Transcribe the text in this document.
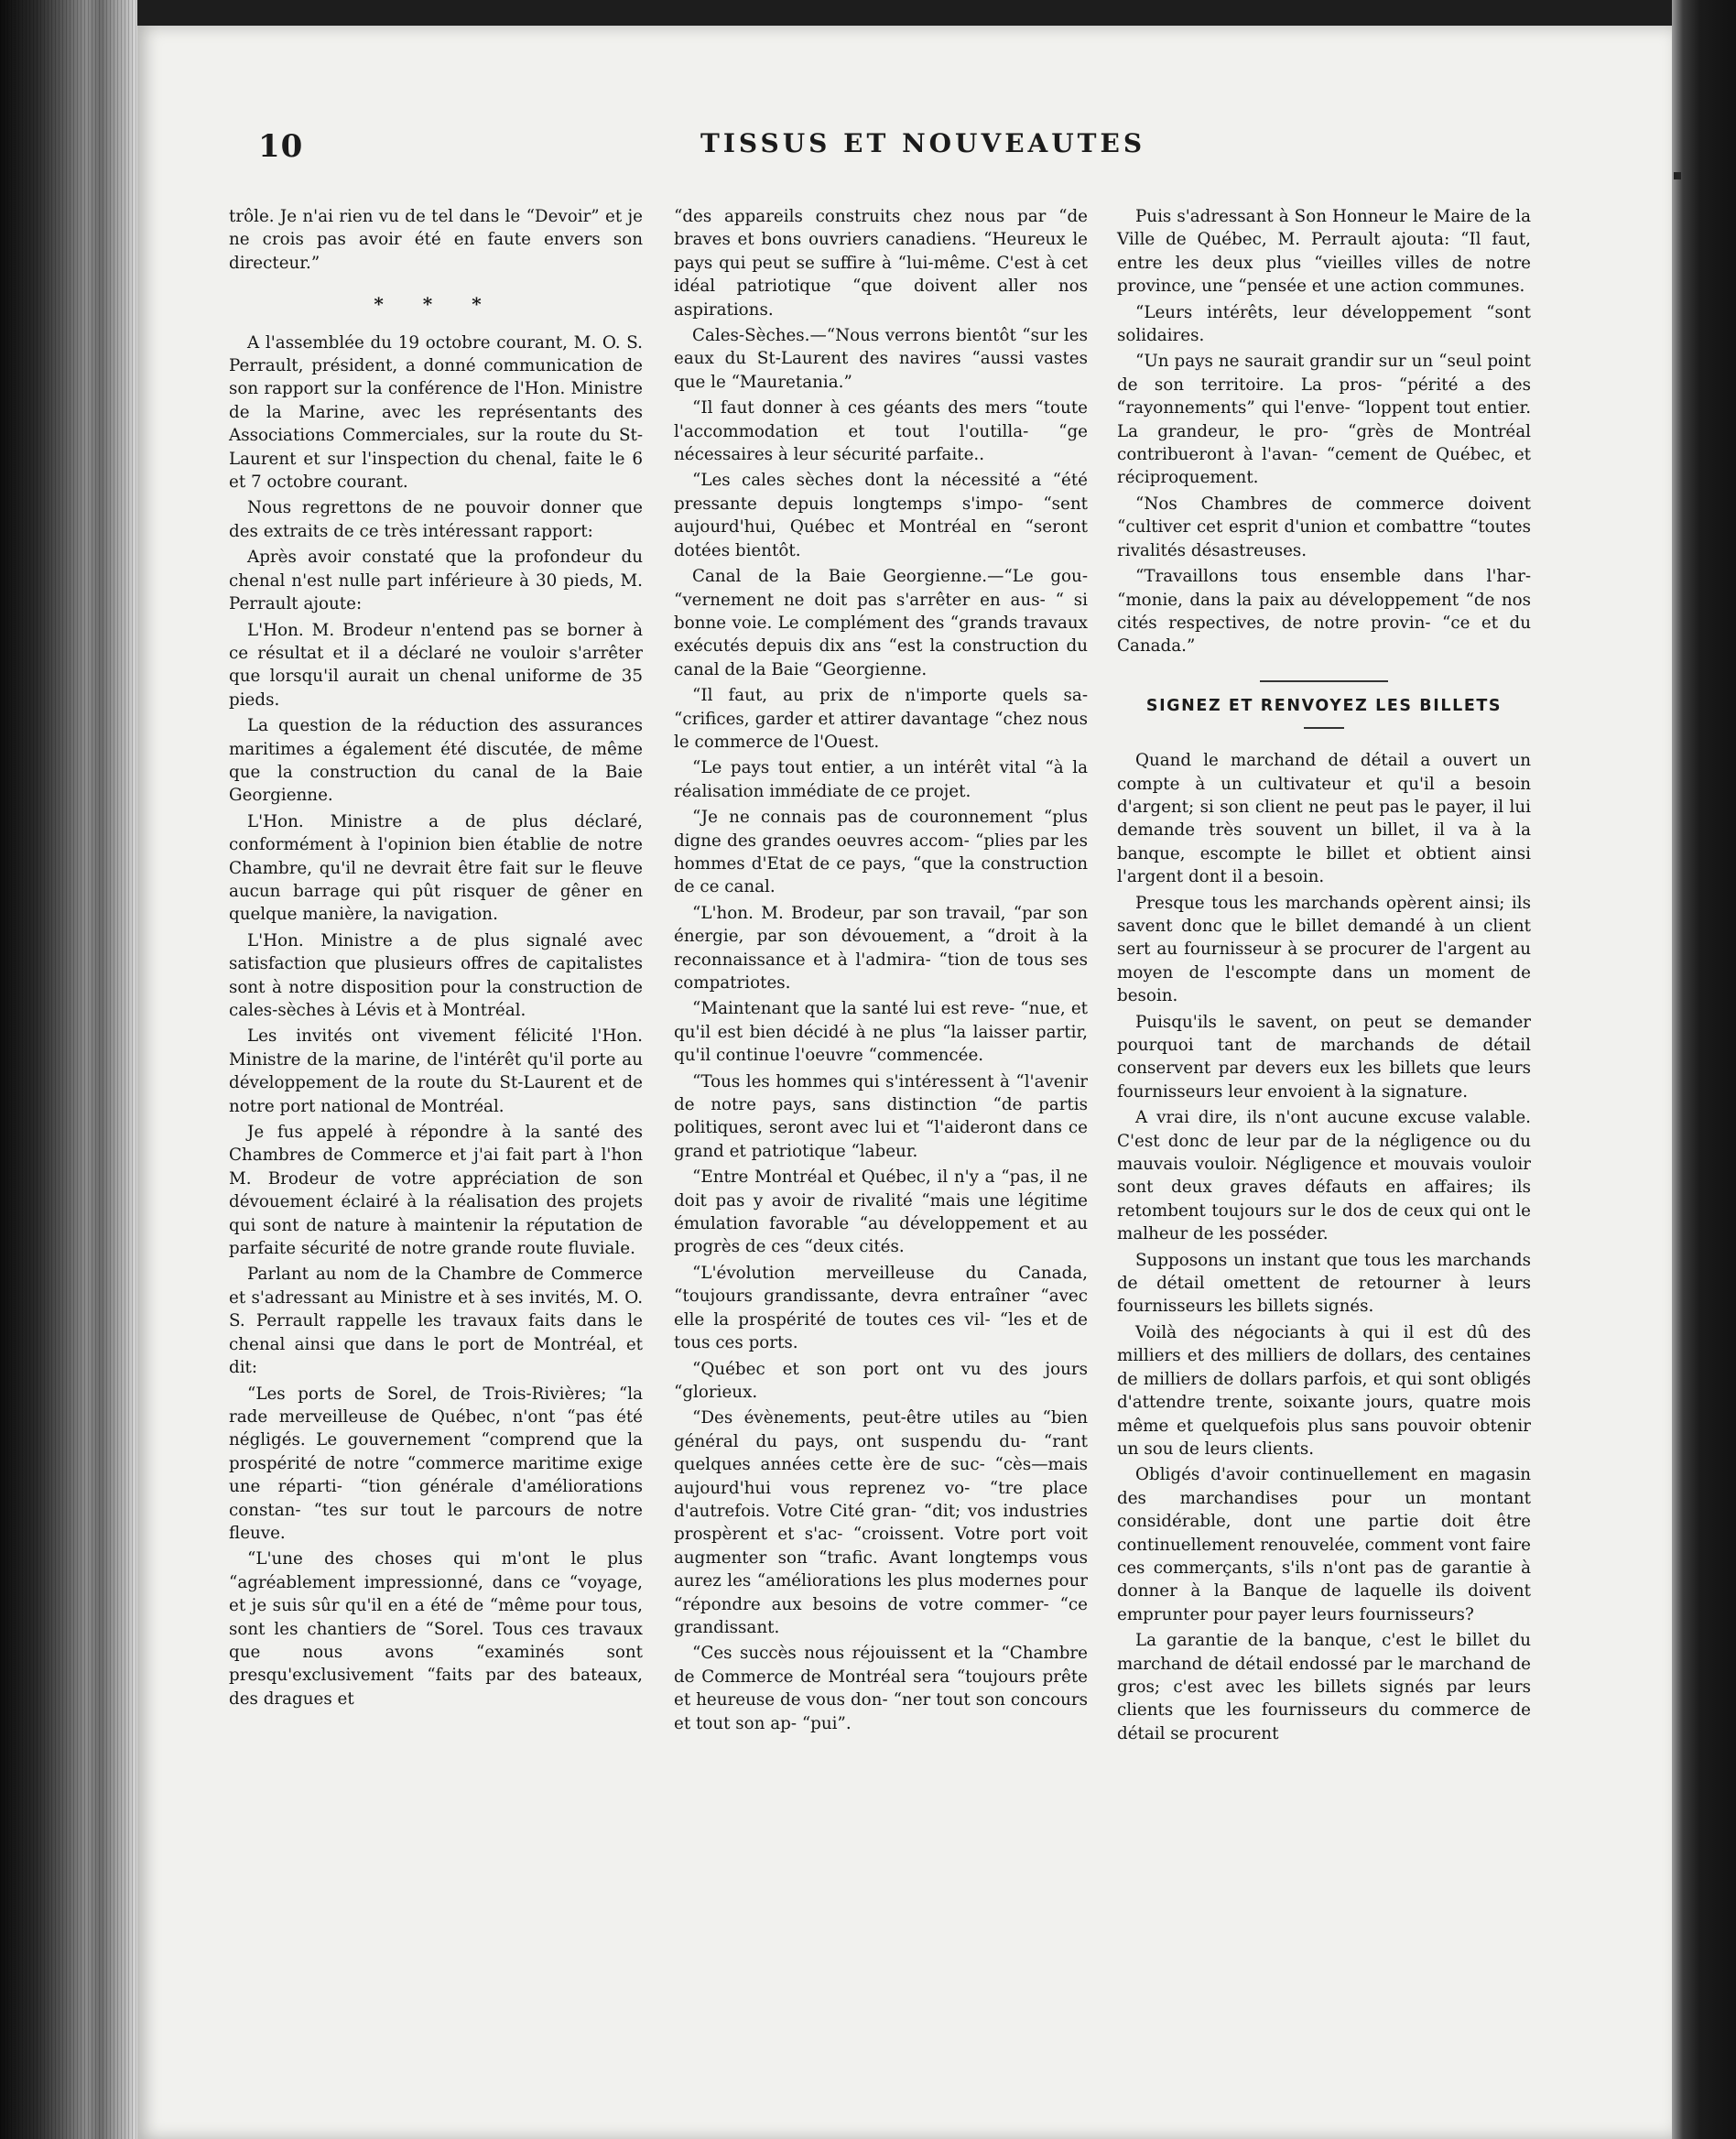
10	TISSUS ET NOUVEAUTES

trôle. Je n'ai rien vu de tel dans le “Devoir” et je ne crois pas avoir été en faute envers son directeur.”

* * *

A l'assemblée du 19 octobre courant, M. O. S. Perrault, président, a donné communication de son rapport sur la conférence de l'Hon. Ministre de la Marine, avec les représentants des Associations Commerciales, sur la route du St-Laurent et sur l'inspection du chenal, faite le 6 et 7 octobre courant.

Nous regrettons de ne pouvoir donner que des extraits de ce très intéressant rapport:

Après avoir constaté que la profondeur du chenal n'est nulle part inférieure à 30 pieds, M. Perrault ajoute:

L'Hon. M. Brodeur n'entend pas se borner à ce résultat et il a déclaré ne vouloir s'arrêter que lorsqu'il aurait un chenal uniforme de 35 pieds.

La question de la réduction des assurances maritimes a également été discutée, de même que la construction du canal de la Baie Georgienne.

L'Hon. Ministre a de plus déclaré, conformément à l'opinion bien établie de notre Chambre, qu'il ne devrait être fait sur le fleuve aucun barrage qui pût risquer de gêner en quelque manière, la navigation.

L'Hon. Ministre a de plus signalé avec satisfaction que plusieurs offres de capitalistes sont à notre disposition pour la construction de cales-sèches à Lévis et à Montréal.

Les invités ont vivement félicité l'Hon. Ministre de la marine, de l'intérêt qu'il porte au développement de la route du St-Laurent et de notre port national de Montréal.

Je fus appelé à répondre à la santé des Chambres de Commerce et j'ai fait part à l'hon M. Brodeur de votre appréciation de son dévouement éclairé à la réalisation des projets qui sont de nature à maintenir la réputation de parfaite sécurité de notre grande route fluviale.

Parlant au nom de la Chambre de Commerce et s'adressant au Ministre et à ses invités, M. O. S. Perrault rappelle les travaux faits dans le chenal ainsi que dans le port de Montréal, et dit:

“Les ports de Sorel, de Trois-Rivières; “la rade merveilleuse de Québec, n'ont “pas été négligés. Le gouvernement “comprend que la prospérité de notre “commerce maritime exige une réparti- “tion générale d'améliorations constan- “tes sur tout le parcours de notre fleuve.

“L'une des choses qui m'ont le plus “agréablement impressionné, dans ce “voyage, et je suis sûr qu'il en a été de “même pour tous, sont les chantiers de “Sorel. Tous ces travaux que nous avons “examinés sont presqu'exclusivement “faits par des bateaux, des dragues et

“des appareils construits chez nous par “de braves et bons ouvriers canadiens. “Heureux le pays qui peut se suffire à “lui-même. C'est à cet idéal patriotique “que doivent aller nos aspirations.

Cales-Sèches.—“Nous verrons bientôt “sur les eaux du St-Laurent des navires “aussi vastes que le “Mauretania.”

“Il faut donner à ces géants des mers “toute l'accommodation et tout l'outilla- “ge nécessaires à leur sécurité parfaite..

“Les cales sèches dont la nécessité a “été pressante depuis longtemps s'impo- “sent aujourd'hui, Québec et Montréal en “seront dotées bientôt.

Canal de la Baie Georgienne.—“Le gou- “vernement ne doit pas s'arrêter en aus- “ si bonne voie. Le complément des “grands travaux exécutés depuis dix ans “est la construction du canal de la Baie “Georgienne.

“Il faut, au prix de n'importe quels sa- “crifices, garder et attirer davantage “chez nous le commerce de l'Ouest.

“Le pays tout entier, a un intérêt vital “à la réalisation immédiate de ce projet.

“Je ne connais pas de couronnement “plus digne des grandes oeuvres accom- “plies par les hommes d'Etat de ce pays, “que la construction de ce canal.

“L'hon. M. Brodeur, par son travail, “par son énergie, par son dévouement, a “droit à la reconnaissance et à l'admira- “tion de tous ses compatriotes.

“Maintenant que la santé lui est reve- “nue, et qu'il est bien décidé à ne plus “la laisser partir, qu'il continue l'oeuvre “commencée.

“Tous les hommes qui s'intéressent à “l'avenir de notre pays, sans distinction “de partis politiques, seront avec lui et “l'aideront dans ce grand et patriotique “labeur.

“Entre Montréal et Québec, il n'y a “pas, il ne doit pas y avoir de rivalité “mais une légitime émulation favorable “au développement et au progrès de ces “deux cités.

“L'évolution merveilleuse du Canada, “toujours grandissante, devra entraîner “avec elle la prospérité de toutes ces vil- “les et de tous ces ports.

“Québec et son port ont vu des jours “glorieux.

“Des évènements, peut-être utiles au “bien général du pays, ont suspendu du- “rant quelques années cette ère de suc- “cès—mais aujourd'hui vous reprenez vo- “tre place d'autrefois. Votre Cité gran- “dit; vos industries prospèrent et s'ac- “croissent. Votre port voit augmenter son “trafic. Avant longtemps vous aurez les “améliorations les plus modernes pour “répondre aux besoins de votre commer- “ce grandissant.

“Ces succès nous réjouissent et la “Chambre de Commerce de Montréal sera “toujours prête et heureuse de vous don- “ner tout son concours et tout son ap- “pui”.

Puis s'adressant à Son Honneur le Maire de la Ville de Québec, M. Perrault ajouta: “Il faut, entre les deux plus “vieilles villes de notre province, une “pensée et une action communes.

“Leurs intérêts, leur développement “sont solidaires.

“Un pays ne saurait grandir sur un “seul point de son territoire. La pros- “périté a des “rayonnements” qui l'enve- “loppent tout entier. La grandeur, le pro- “grès de Montréal contribueront à l'avan- “cement de Québec, et réciproquement.

“Nos Chambres de commerce doivent “cultiver cet esprit d'union et combattre “toutes rivalités désastreuses.

“Travaillons tous ensemble dans l'har- “monie, dans la paix au développement “de nos cités respectives, de notre provin- “ce et du Canada.”

SIGNEZ ET RENVOYEZ LES BILLETS

Quand le marchand de détail a ouvert un compte à un cultivateur et qu'il a besoin d'argent; si son client ne peut pas le payer, il lui demande très souvent un billet, il va à la banque, escompte le billet et obtient ainsi l'argent dont il a besoin.

Presque tous les marchands opèrent ainsi; ils savent donc que le billet demandé à un client sert au fournisseur à se procurer de l'argent au moyen de l'escompte dans un moment de besoin.

Puisqu'ils le savent, on peut se demander pourquoi tant de marchands de détail conservent par devers eux les billets que leurs fournisseurs leur envoient à la signature.

A vrai dire, ils n'ont aucune excuse valable. C'est donc de leur par de la négligence ou du mauvais vouloir. Négligence et mouvais vouloir sont deux graves défauts en affaires; ils retombent toujours sur le dos de ceux qui ont le malheur de les posséder.

Supposons un instant que tous les marchands de détail omettent de retourner à leurs fournisseurs les billets signés.

Voilà des négociants à qui il est dû des milliers et des milliers de dollars, des centaines de milliers de dollars parfois, et qui sont obligés d'attendre trente, soixante jours, quatre mois même et quelquefois plus sans pouvoir obtenir un sou de leurs clients.

Obligés d'avoir continuellement en magasin des marchandises pour un montant considérable, dont une partie doit être continuellement renouvelée, comment vont faire ces commerçants, s'ils n'ont pas de garantie à donner à la Banque de laquelle ils doivent emprunter pour payer leurs fournisseurs?

La garantie de la banque, c'est le billet du marchand de détail endossé par le marchand de gros; c'est avec les billets signés par leurs clients que les fournisseurs du commerce de détail se procurent
